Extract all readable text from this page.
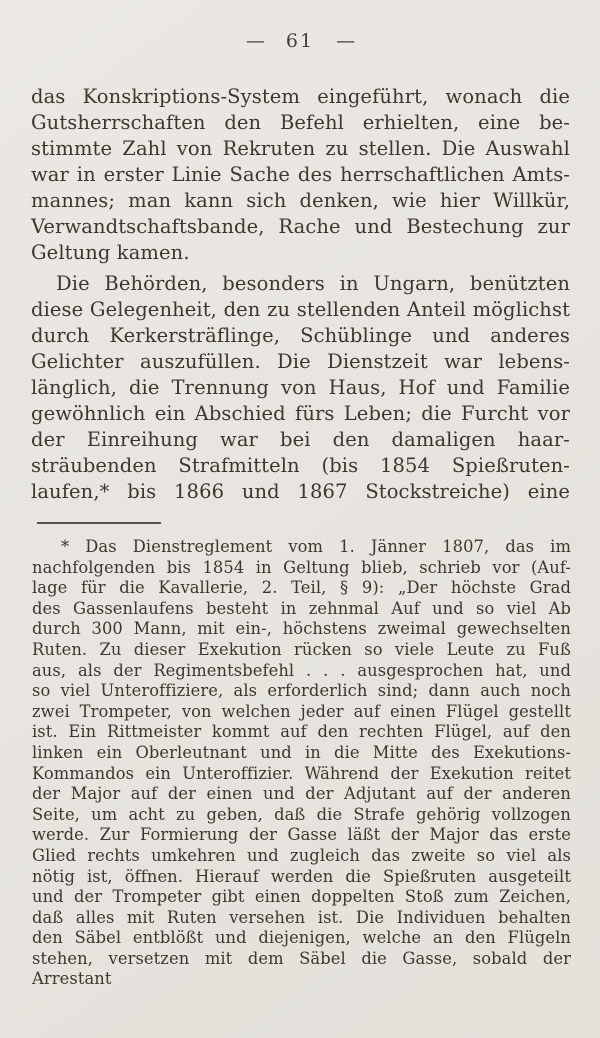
— 61 —
das Konskriptions-System eingeführt, wonach die
Gutsherrschaften den Befehl erhielten, eine be-
stimmte Zahl von Rekruten zu stellen. Die Auswahl
war in erster Linie Sache des herrschaftlichen Amts-
mannes; man kann sich denken, wie hier Willkür,
Verwandtschaftsbande, Rache und Bestechung zur
Geltung kamen.
Die Behörden, besonders in Ungarn, benützten
diese Gelegenheit, den zu stellenden Anteil möglichst
durch Kerkersträflinge, Schüblinge und anderes
Gelichter auszufüllen. Die Dienstzeit war lebens-
länglich, die Trennung von Haus, Hof und Familie
gewöhnlich ein Abschied fürs Leben; die Furcht vor
der Einreihung war bei den damaligen haar-
sträubenden Strafmitteln (bis 1854 Spießruten-
laufen,* bis 1866 und 1867 Stockstreiche) eine
* Das Dienstreglement vom 1. Jänner 1807, das im
nachfolgenden bis 1854 in Geltung blieb, schrieb vor (Auf-
lage für die Kavallerie, 2. Teil, § 9): „Der höchste Grad
des Gassenlaufens besteht in zehnmal Auf und so viel Ab
durch 300 Mann, mit ein-, höchstens zweimal gewechselten
Ruten. Zu dieser Exekution rücken so viele Leute zu Fuß
aus, als der Regimentsbefehl . . . ausgesprochen hat, und
so viel Unteroffiziere, als erforderlich sind; dann auch noch
zwei Trompeter, von welchen jeder auf einen Flügel gestellt
ist. Ein Rittmeister kommt auf den rechten Flügel, auf den
linken ein Oberleutnant und in die Mitte des Exekutions-
Kommandos ein Unteroffizier. Während der Exekution reitet
der Major auf der einen und der Adjutant auf der anderen
Seite, um acht zu geben, daß die Strafe gehörig vollzogen
werde. Zur Formierung der Gasse läßt der Major das erste
Glied rechts umkehren und zugleich das zweite so viel als
nötig ist, öffnen. Hierauf werden die Spießruten ausgeteilt
und der Trompeter gibt einen doppelten Stoß zum Zeichen,
daß alles mit Ruten versehen ist. Die Individuen behalten
den Säbel entblößt und diejenigen, welche an den Flügeln
stehen, versetzen mit dem Säbel die Gasse, sobald der Arrestant
